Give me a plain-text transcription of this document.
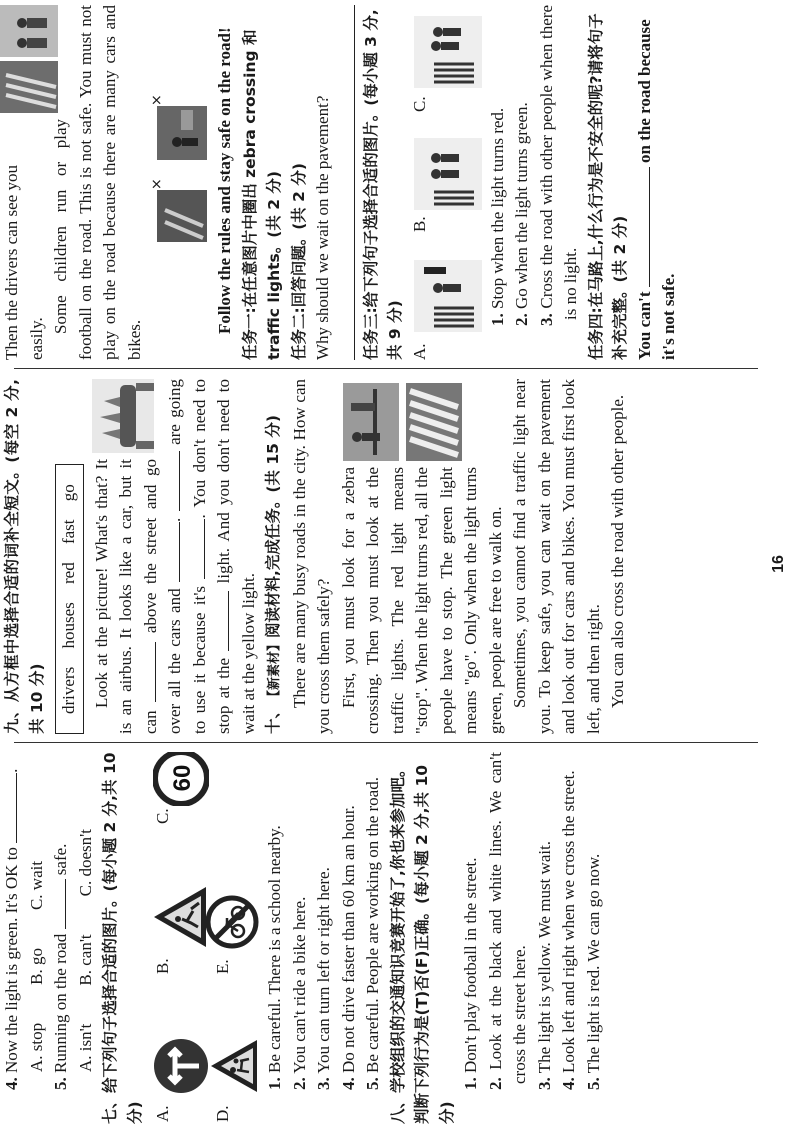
4. Now the light is green. It's OK to .

A. stopB. goC. wait

5. Running on the road  safe.

A. isn'tB. can'tC. doesn't 七、给下列句子选择合适的图片。(每小题 2 分,共 10 分) A.
B.
C.
60
D.
E.

1. Be careful. There is a school nearby.

2. You can't ride a bike here.

3. You can turn left or right here.

4. Do not drive faster than 60 km an hour.

5. Be careful. People are working on the road. 八、学校组织的交通知识竞赛开始了,你也来参加吧。判断下列行为是(T)否(F)正确。(每小题 2 分,共 10 分)

1. Don't play football in the street.

2. Look at the black and white lines. We can't cross the street here. 3. The light is yellow. We must wait.

4. Look left and right when we cross the street.

5. The light is red. We can go now.

九、从方框中选择合适的词补全短文。(每空 2 分,共 10 分) drivers houses red fast go Look at the picture! What's that? It is an airbus. It looks like a car, but it can  above the street and go over all the cars and .  are going to use it because it's . You don't need to stop at the  light. And you don't need to wait at the yellow light. 十、【新素材】阅读材料,完成任务。(共 15 分) There are many busy roads in the city. How can you cross them safely?

First, you must look for a zebra crossing. Then you must look at the traffic lights. The red light means "stop". When the light turns red, all the people have to stop. The green light means "go". Only when the light turns green, people are free to walk on. Sometimes, you cannot find a traffic light near you. To keep safe, you can wait on the pavement and look out for cars and bikes. You must first look left, and then right. You can also cross the road with other people.

Then the drivers can see you easily.

Some children run or play football on the road. This is not safe. You must not play on the road because there are many cars and bikes.

×
×	Follow the rules and stay safe on the road! 任务一:在任意图片中圈出 zebra crossing 和 traffic lights。(共 2 分) 任务二:回答问题。(共 2 分) Why should we wait on the pavement? 任务三:给下列句子选择合适的图片。(每小题 3 分,共 9 分) A.
B.
C.

1. Stop when the light turns red.

2. Go when the light turns green.

3. Cross the road with other people when there is no light. 任务四:在马路上,什么行为是不安全的呢?请将句子补充完整。(共 2 分) You can't  on the road because it's not safe.

16
